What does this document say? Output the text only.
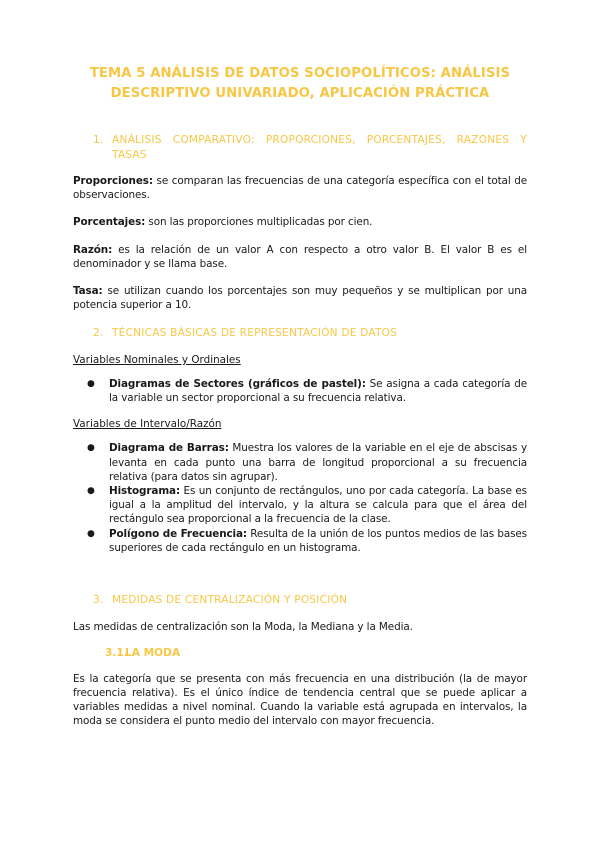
TEMA 5 ANÁLISIS DE DATOS SOCIOPOLÍTICOS: ANÁLISIS DESCRIPTIVO UNIVARIADO, APLICACIÓN PRÁCTICA
1. ANÁLISIS COMPARATIVO: PROPORCIONES, PORCENTAJES, RAZONES Y TASAS

Proporciones: se comparan las frecuencias de una categoría específica con el total de observaciones.

Porcentajes: son las proporciones multiplicadas por cien.

Razón: es la relación de un valor A con respecto a otro valor B. El valor B es el denominador y se llama base.

Tasa: se utilizan cuando los porcentajes son muy pequeños y se multiplican por una potencia superior a 10.

2. TÉCNICAS BÁSICAS DE REPRESENTACIÓN DE DATOS
Variables Nominales y Ordinales
●	Diagramas de Sectores (gráficos de pastel): Se asigna a cada categoría de la variable un sector proporcional a su frecuencia relativa.
Variables de Intervalo/Razón
●	Diagrama de Barras: Muestra los valores de la variable en el eje de abscisas y levanta en cada punto una barra de longitud proporcional a su frecuencia relativa (para datos sin agrupar).
●	Histograma: Es un conjunto de rectángulos, uno por cada categoría. La base es igual a la amplitud del intervalo, y la altura se calcula para que el área del rectángulo sea proporcional a la frecuencia de la clase.
●	Polígono de Frecuencia: Resulta de la unión de los puntos medios de las bases superiores de cada rectángulo en un histograma.
3. MEDIDAS DE CENTRALIZACIÓN Y POSICIÓN

Las medidas de centralización son la Moda, la Mediana y la Media.

3.1.
LA MODA

Es la categoría que se presenta con más frecuencia en una distribución (la de mayor frecuencia relativa). Es el único índice de tendencia central que se puede aplicar a variables medidas a nivel nominal. Cuando la variable está agrupada en intervalos, la moda se considera el punto medio del intervalo con mayor frecuencia.
